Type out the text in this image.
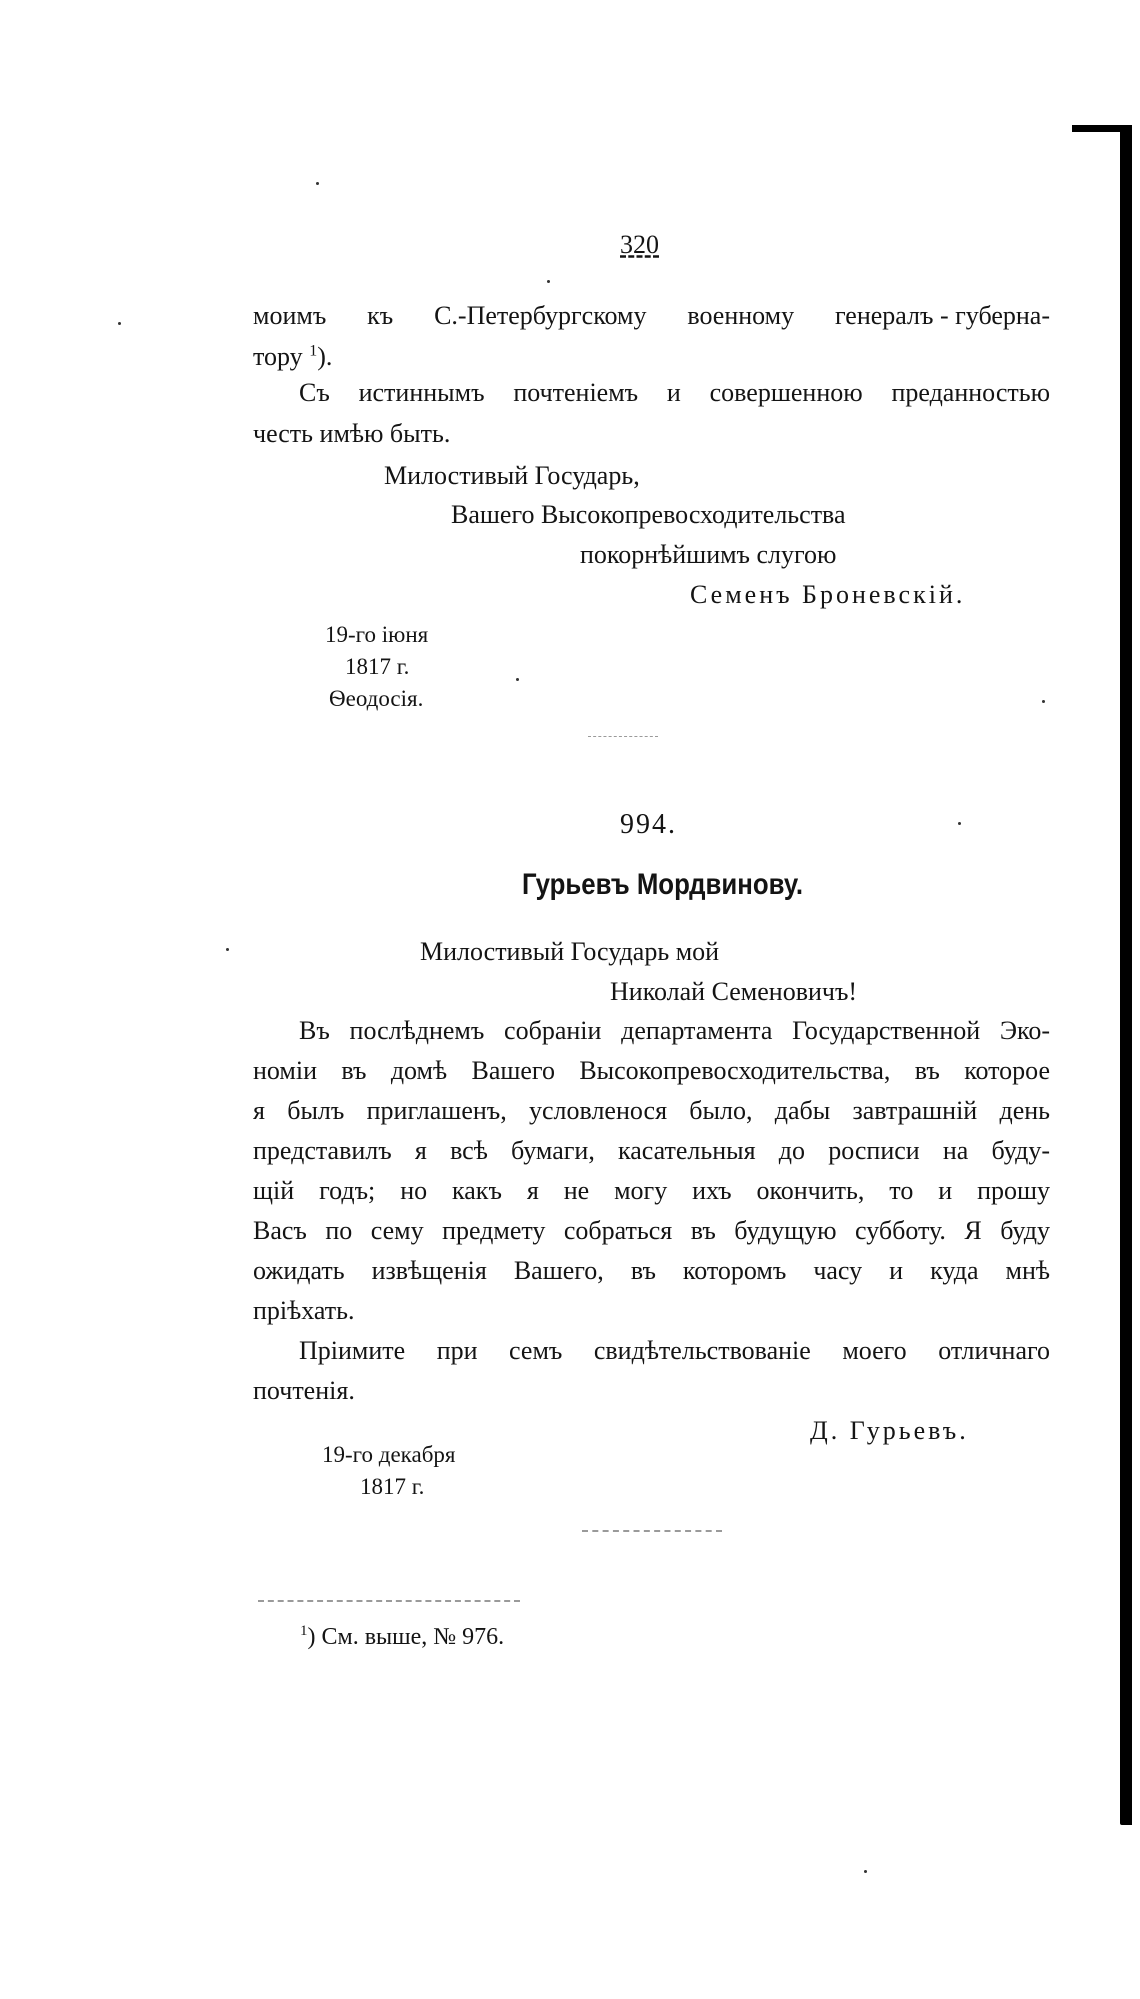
320
моимъ къ С.-Петербургскому военному генералъ - губерна-
тору $^1$).
Съ истиннымъ почтеніемъ и совершенною преданностью
честь имѣю быть.
Милостивый Государь,
Вашего Высокопревосходительства
покорнѣйшимъ слугою
Семенъ Броневскій.
19-го іюня
1817 г.
Ѳеодосія.
994.
Гурьевъ Мордвинову.
Милостивый Государь мой
Николай Семеновичъ!
Въ послѣднемъ собраніи департамента Государственной Эко-
номіи въ домѣ Вашего Высокопревосходительства, въ которое
я былъ приглашенъ, условленося было, дабы завтрашній день
представилъ я всѣ бумаги, касательныя до росписи на буду-
щій годъ; но какъ я не могу ихъ окончить, то и прошу
Васъ по сему предмету собраться въ будущую субботу. Я буду
ожидать извѣщенія Вашего, въ которомъ часу и куда мнѣ
пріѣхать.
Пріимите при семъ свидѣтельствованіе моего отличнаго
почтенія.
Д. Гурьевъ.
19-го декабря
1817 г.
$^1$) См. выше, № 976.
